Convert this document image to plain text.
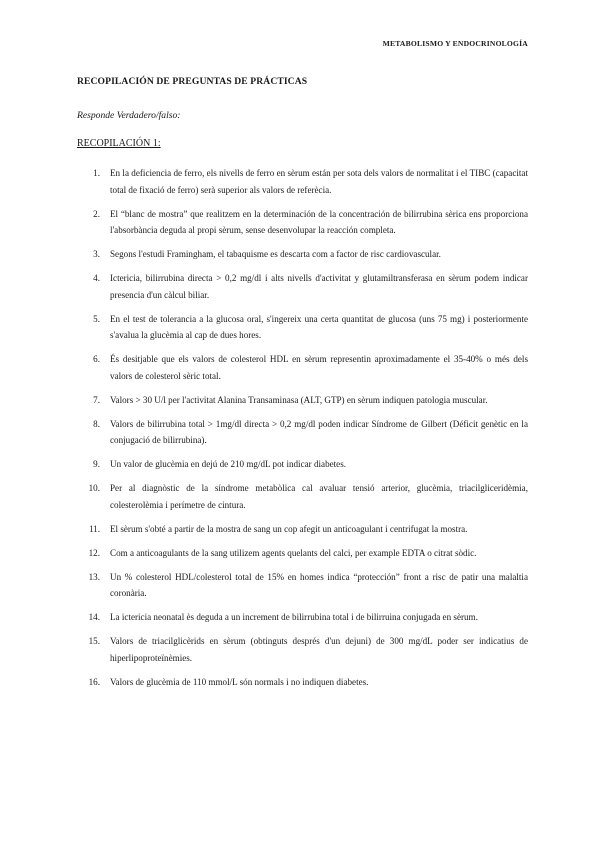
METABOLISMO Y ENDOCRINOLOGÍA
RECOPILACIÓN DE PREGUNTAS DE PRÁCTICAS
Responde Verdadero/falso:
RECOPILACIÓN 1:
1.	En la deficiencia de ferro, els nivells de ferro en sèrum están per sota dels valors de normalitat i el TIBC (capacitat total de fixació de ferro) serà superior als valors de referècia.
2.	El “blanc de mostra” que realitzem en la determinación de la concentración de bilirrubina sèrica ens proporciona l'absorbància deguda al propi sèrum, sense desenvolupar la reacción completa.
3.	Segons l'estudi Framingham, el tabaquisme es descarta com a factor de risc cardiovascular.
4.	Ictericia, bilirrubina directa > 0,2 mg/dl i alts nivells d'activitat y glutamiltransferasa en sèrum podem indicar presencia d'un càlcul biliar.
5.	En el test de tolerancia a la glucosa oral, s'ingereix una certa quantitat de glucosa (uns 75 mg) i posteriormente s'avalua la glucèmia al cap de dues hores.
6.	És desitjable que els valors de colesterol HDL en sèrum representin aproximadamente el 35-40% o més dels valors de colesterol sèric total.
7.	Valors > 30 U/l per l'activitat Alanina Transaminasa (ALT, GTP) en sèrum indiquen patologia muscular.
8.	Valors de bilirrubina total > 1mg/dl directa > 0,2 mg/dl poden indicar Síndrome de Gilbert (Déficit genètic en la conjugació de bilirrubina).
9.	Un valor de glucèmia en dejú de 210 mg/dL pot indicar diabetes.
10.	Per al diagnòstic de la síndrome metabòlica cal avaluar tensió arterior, glucèmia, triacilgliceridèmia, colesterolèmia i perímetre de cintura.
11.	El sèrum s'obté a partir de la mostra de sang un cop afegit un anticoagulant i centrifugat la mostra.
12.	Com a anticoagulants de la sang utilizem agents quelants del calci, per example EDTA o citrat sòdic.
13.	Un % colesterol HDL/colesterol total de 15% en homes indica “protección” front a risc de patir una malaltia coronària.
14.	La ictericia neonatal ès deguda a un increment de bilirrubina total i de bilirruina conjugada en sèrum.
15.	Valors de triacilglicèrids en sèrum (obtinguts després d'un dejuni) de 300 mg/dL poder ser indicatius de hiperlipoproteïnèmies.
16.	Valors de glucèmia de 110 mmol/L són normals i no indiquen diabetes.
